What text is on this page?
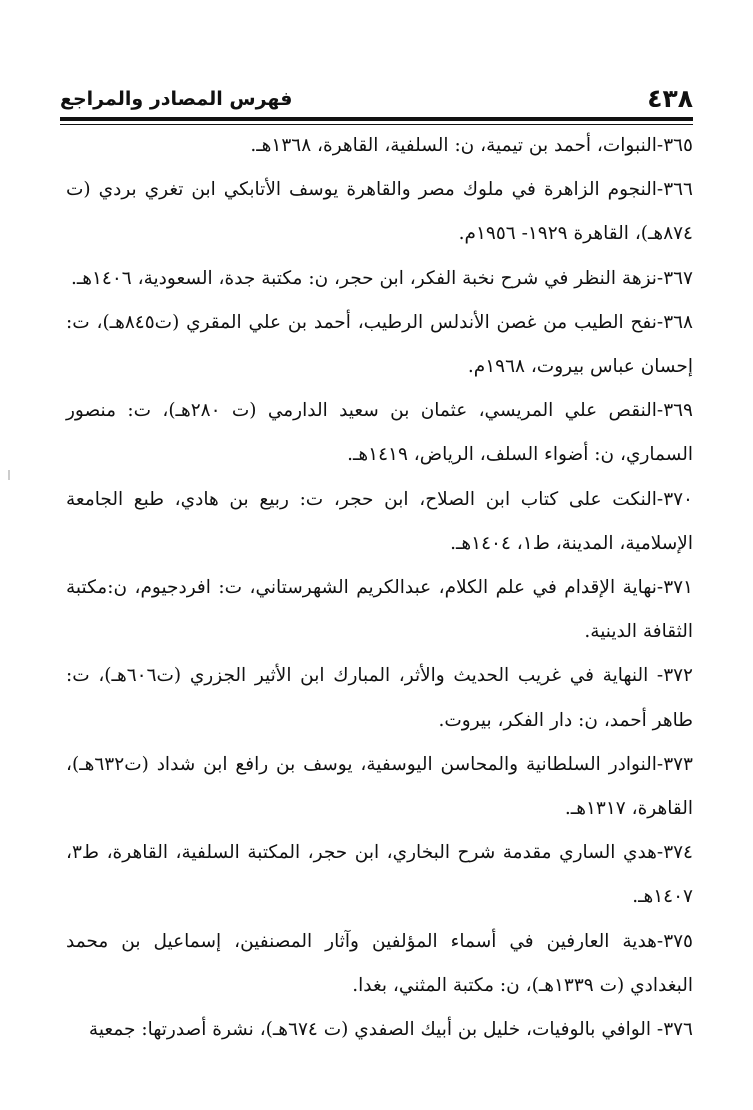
٤٣٨
فهرس المصادر والمراجع

٣٦٥-النبوات، أحمد بن تيمية، ن: السلفية، القاهرة، ١٣٦٨هـ.

٣٦٦-النجوم الزاهرة في ملوك مصر والقاهرة يوسف الأتابكي ابن تغري بردي (ت ٨٧٤هـ)، القاهرة ١٩٢٩- ١٩٥٦م.

٣٦٧-نزهة النظر في شرح نخبة الفكر، ابن حجر، ن: مكتبة جدة، السعودية، ١٤٠٦هـ.

٣٦٨-نفح الطيب من غصن الأندلس الرطيب، أحمد بن علي المقري (ت٨٤٥هـ)، ت: إحسان عباس بيروت، ١٩٦٨م.

٣٦٩-النقص علي المريسي، عثمان بن سعيد الدارمي (ت ٢٨٠هـ)، ت: منصور السماري، ن: أضواء السلف، الرياض، ١٤١٩هـ.

٣٧٠-النكت على كتاب ابن الصلاح، ابن حجر، ت: ربيع بن هادي، طبع الجامعة الإسلامية، المدينة، ط١، ١٤٠٤هـ.

٣٧١-نهاية الإقدام في علم الكلام، عبدالكريم الشهرستاني، ت: افردجيوم، ن:مكتبة الثقافة الدينية.

٣٧٢- النهاية في غريب الحديث والأثر، المبارك ابن الأثير الجزري (ت٦٠٦هـ)، ت: طاهر أحمد، ن: دار الفكر، بيروت.

٣٧٣-النوادر السلطانية والمحاسن اليوسفية، يوسف بن رافع ابن شداد (ت٦٣٢هـ)، القاهرة، ١٣١٧هـ.

٣٧٤-هدي الساري مقدمة شرح البخاري، ابن حجر، المكتبة السلفية، القاهرة، ط٣، ١٤٠٧هـ.

٣٧٥-هدية العارفين في أسماء المؤلفين وآثار المصنفين، إسماعيل بن محمد البغدادي (ت ١٣٣٩هـ)، ن: مكتبة المثني، بغدا.

٣٧٦- الوافي بالوفيات، خليل بن أبيك الصفدي (ت ٦٧٤هـ)، نشرة أصدرتها: جمعية
